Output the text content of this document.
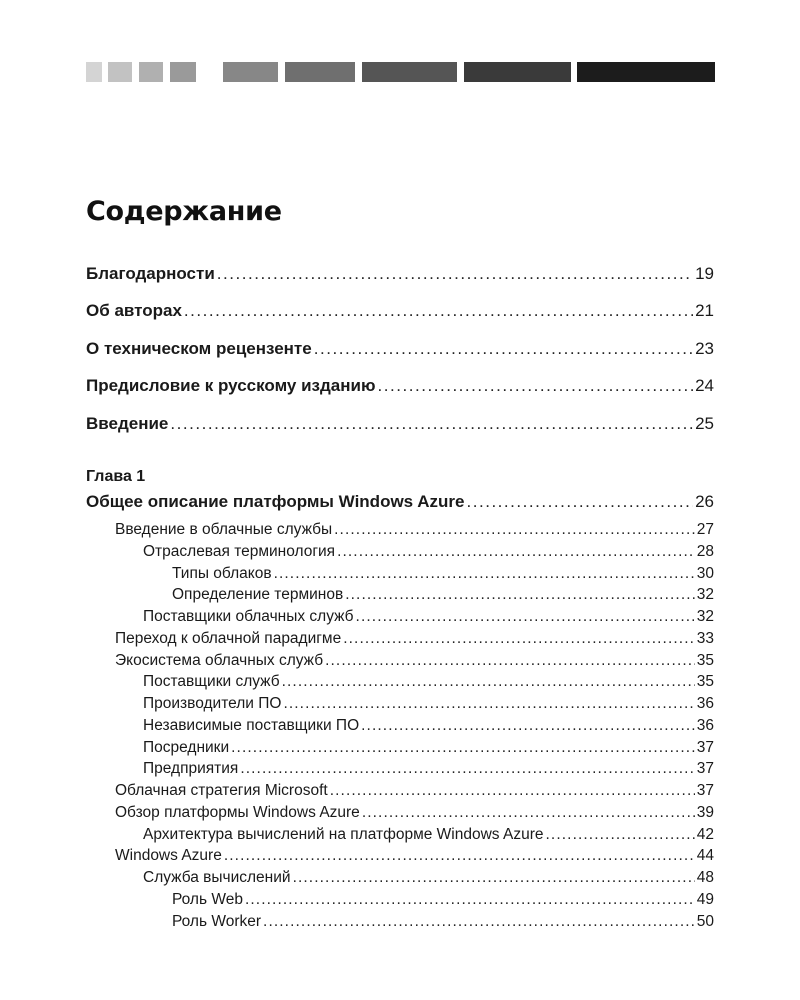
Содержание
Благодарности . . .	19
Об авторах . . .	21
О техническом рецензенте . . .	23
Предисловие к русскому изданию . . .	24
Введение . . .	25
Общее описание платформы Windows Azure . . .	26
Введение в облачные службы . . .	27
Отраслевая терминология . . .	28
Типы облаков . . .	30
Определение терминов . . .	32
Поставщики облачных служб . . .	32
Переход к облачной парадигме . . .	33
Экосистема облачных служб . . .	35
Поставщики служб . . .	35
Производители ПО . . .	36
Независимые поставщики ПО . . .	36
Посредники . . .	37
Предприятия . . .	37
Облачная стратегия Microsoft . . .	37
Обзор платформы Windows Azure . . .	39
Архитектура вычислений на платформе Windows Azure . . .	42
Windows Azure . . .	44
Служба вычислений . . .	48
Роль Web . . .	49
Роль Worker . . .	50
Глава 1
